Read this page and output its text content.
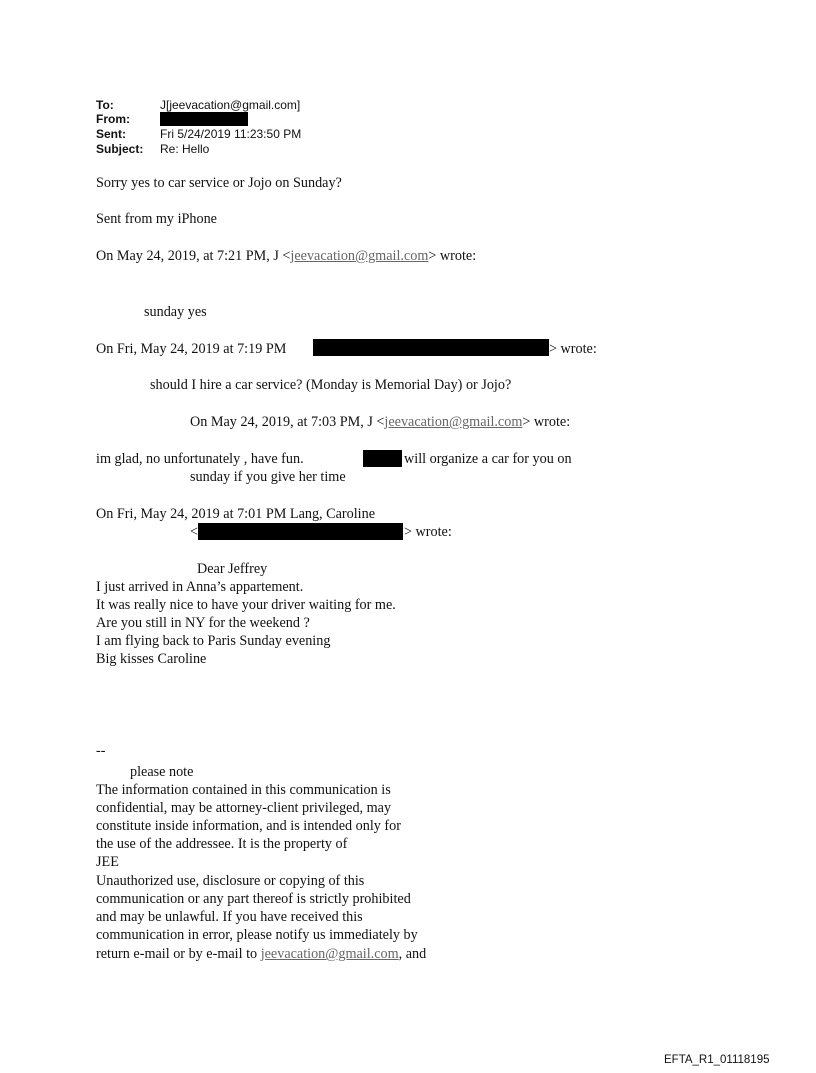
To:	J[jeevacation@gmail.com]
From:
Sent:	Fri 5/24/2019 11:23:50 PM
Subject: Re: Hello
Sorry yes to car service or Jojo on Sunday?
Sent from my iPhone
On May 24, 2019, at 7:21 PM, J <jeevacation@gmail.com> wrote:
sunday yes
On Fri, May 24, 2019 at 7:19 PM	> wrote:
should I hire a car service? (Monday is Memorial Day) or Jojo?
On May 24, 2019, at 7:03 PM, J <jeevacation@gmail.com> wrote:
im glad, no unfortunately , have fun.	will organize a car for you on
sunday if you give her time
On Fri, May 24, 2019 at 7:01 PM Lang, Caroline
<	> wrote:
Dear Jeffrey
I just arrived in Anna’s appartement.
It was really nice to have your driver waiting for me.
Are you still in NY for the weekend ?
I am flying back to Paris Sunday evening
Big kisses Caroline
--
please note
The information contained in this communication is
confidential, may be attorney-client privileged, may
constitute inside information, and is intended only for
the use of the addressee. It is the property of
JEE
Unauthorized use, disclosure or copying of this
communication or any part thereof is strictly prohibited
and may be unlawful. If you have received this
communication in error, please notify us immediately by
return e-mail or by e-mail to jeevacation@gmail.com, and
EFTA_R1_01118195
